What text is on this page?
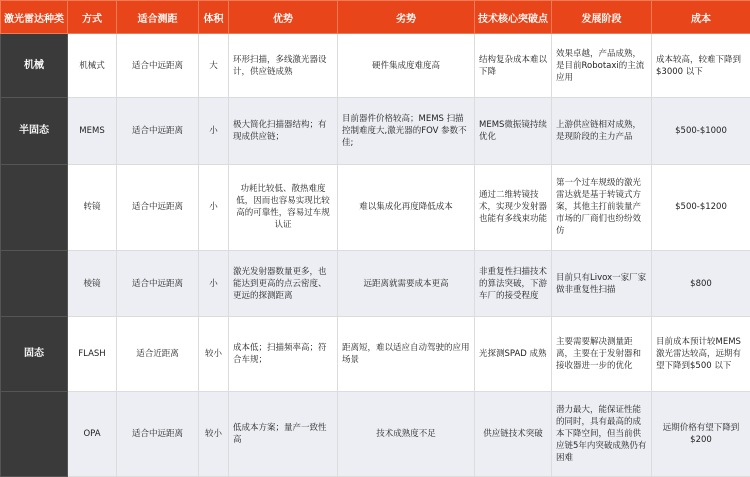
激光雷达种类	方式	适合测距	体积	优势	劣势	技术核心突破点	发展阶段	成本
机械	机械式	适合中远距离	大	环形扫描，多线激光器设计，供应链成熟	硬件集成度难度高	结构复杂成本难以下降	效果卓越，产品成熟，是目前Robotaxi的主流应用	成本较高，较难下降到$3000 以下
半固态	MEMS	适合中远距离	小	极大简化扫描器结构；有现成供应链；	目前器件价格较高；MEMS 扫描控制难度大,激光器的FOV 参数不佳;	MEMS微振镜持续优化	上游供应链相对成熟，是现阶段的主力产品	$500-$1000
	转镜	适合中远距离	小	功耗比较低、散热难度低，因而也容易实现比较高的可靠性，容易过车规认证	难以集成化再度降低成本	通过二维转镜技术，实现少发射器也能有多线束功能	第一个过车规级的激光雷达就是基于转镜式方案，其他主打前装量产市场的厂商们也纷纷效仿	$500-$1200
	棱镜	适合中远距离	小	激光发射器数量更多，也能达到更高的点云密度、更远的探测距离	远距离就需要成本更高	非重复性扫描技术的算法突破，下游车厂的接受程度	目前只有Livox一家厂家做非重复性扫描	$800
固态	FLASH	适合近距离	较小	成本低；扫描频率高；符合车规；	距离短，难以适应自动驾驶的应用场景	光探测SPAD 成熟	主要需要解决测量距离，主要在于发射器和接收器进一步的优化	目前成本预计较MEMS 激光雷达较高，远期有望下降到$500 以下
	OPA	适合中远距离	较小	低成本方案；量产一致性高	技术成熟度不足	供应链技术突破	潜力最大，能保证性能的同时，具有最高的成本下降空间，但当前供应链5年内突破成熟仍有困难	远期价格有望下降到$200
